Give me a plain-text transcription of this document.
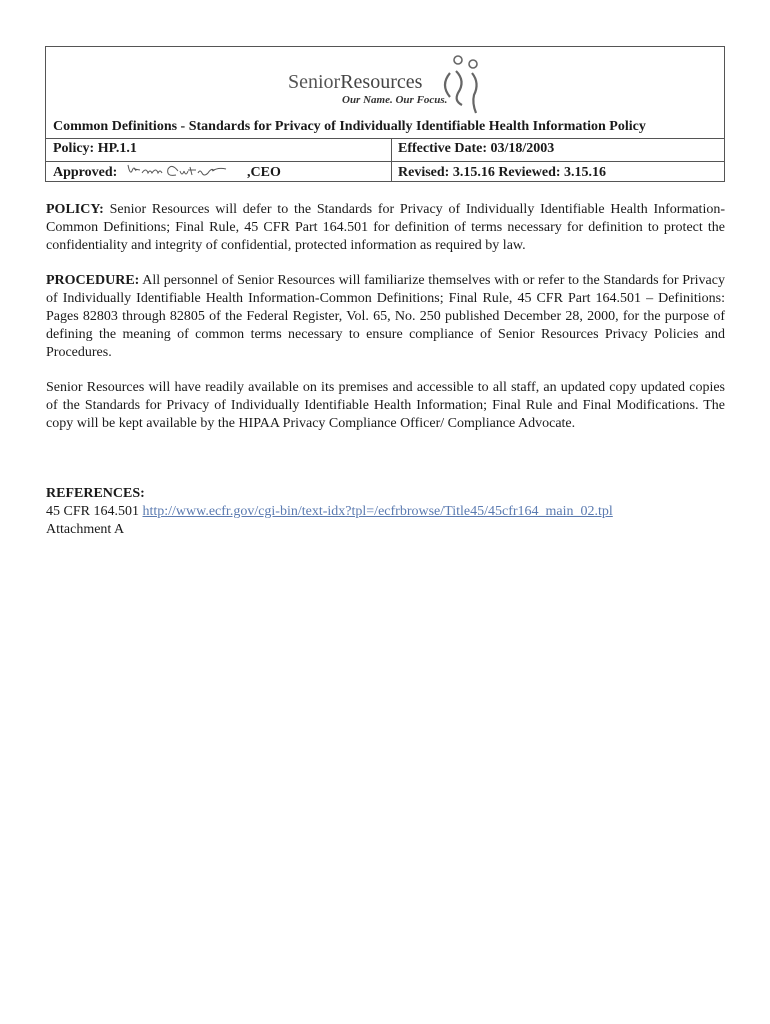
SeniorResources
Our Name. Our Focus.
Common Definitions - Standards for Privacy of Individually Identifiable Health Information Policy
Policy: HP.1.1	Effective Date: 03/18/2003
Approved:	,CEO	Revised: 3.15.16 Reviewed: 3.15.16
POLICY: Senior Resources will defer to the Standards for Privacy of Individually Identifiable Health Information-Common Definitions; Final Rule, 45 CFR Part 164.501 for definition of terms necessary for definition to protect the confidentiality and integrity of confidential, protected information as required by law.
PROCEDURE: All personnel of Senior Resources will familiarize themselves with or refer to the Standards for Privacy of Individually Identifiable Health Information-Common Definitions; Final Rule, 45 CFR Part 164.501 – Definitions: Pages 82803 through 82805 of the Federal Register, Vol. 65, No. 250 published December 28, 2000, for the purpose of defining the meaning of common terms necessary to ensure compliance of Senior Resources Privacy Policies and Procedures.
Senior Resources will have readily available on its premises and accessible to all staff, an updated copy updated copies of the Standards for Privacy of Individually Identifiable Health Information; Final Rule and Final Modifications. The copy will be kept available by the HIPAA Privacy Compliance Officer/ Compliance Advocate.
REFERENCES:
45 CFR 164.501 http://www.ecfr.gov/cgi-bin/text-idx?tpl=/ecfrbrowse/Title45/45cfr164_main_02.tpl
Attachment A
